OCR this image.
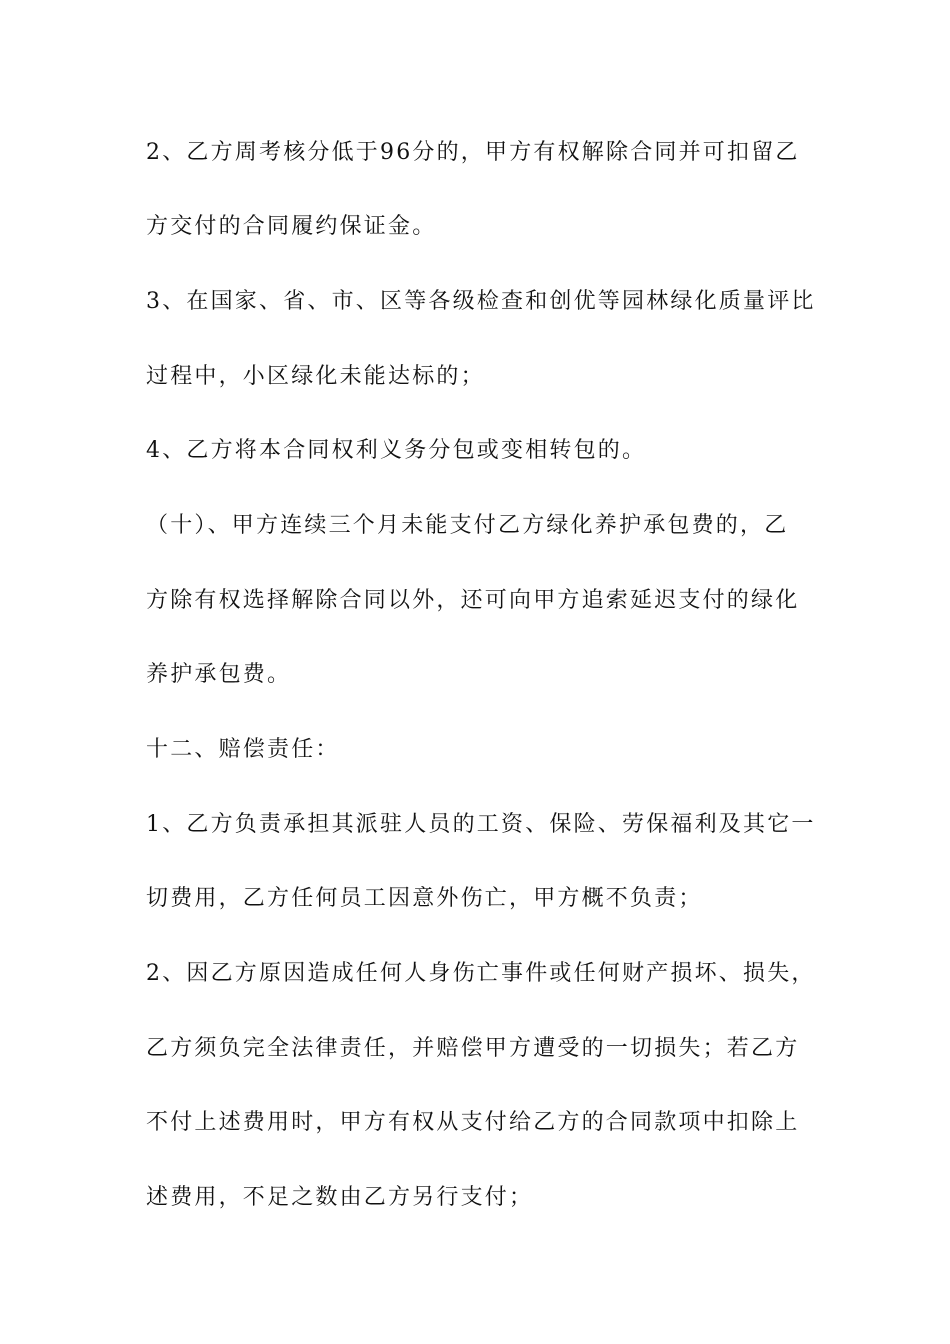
2、乙方周考核分低于96分的，甲方有权解除合同并可扣留乙
方交付的合同履约保证金。
3、在国家、省、市、区等各级检查和创优等园林绿化质量评比
过程中，小区绿化未能达标的；
4、乙方将本合同权利义务分包或变相转包的。
（十）、甲方连续三个月未能支付乙方绿化养护承包费的，乙
方除有权选择解除合同以外，还可向甲方追索延迟支付的绿化
养护承包费。
十二、赔偿责任：
1、乙方负责承担其派驻人员的工资、保险、劳保福利及其它一
切费用，乙方任何员工因意外伤亡，甲方概不负责；
2、因乙方原因造成任何人身伤亡事件或任何财产损坏、损失，
乙方须负完全法律责任，并赔偿甲方遭受的一切损失；若乙方
不付上述费用时，甲方有权从支付给乙方的合同款项中扣除上
述费用，不足之数由乙方另行支付；
